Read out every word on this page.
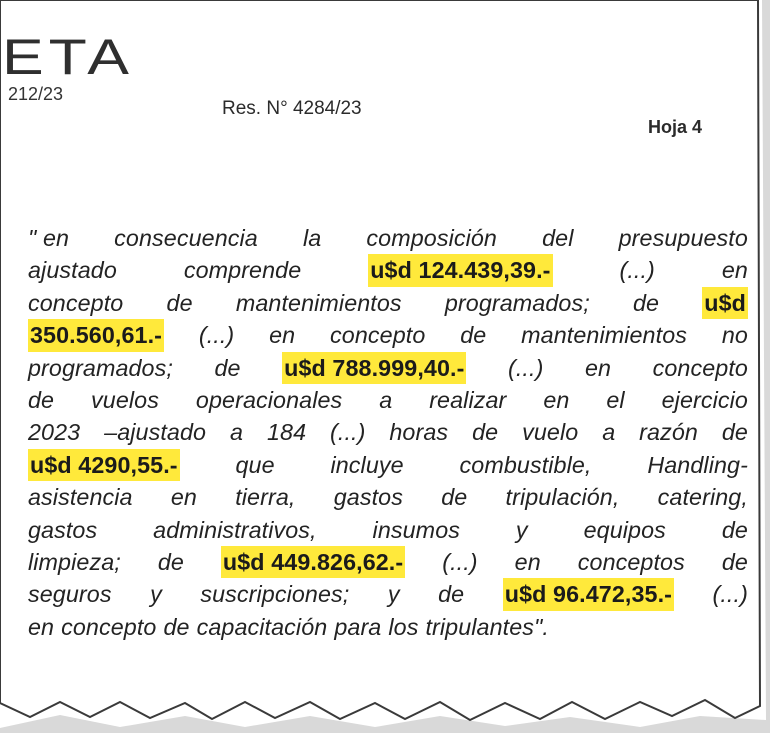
ETA
212/23
Res. N° 4284/23
Hoja 4
" en consecuencia la composición del presupuesto
ajustado	comprende	u$d 124.439,39.-	(...)	en
concepto de mantenimientos programados; de u$d
350.560,61.- (...) en concepto de mantenimientos no
programados; de u$d 788.999,40.- (...) en concepto
de vuelos operacionales a realizar en el ejercicio
2023 –ajustado a 184 (...) horas de vuelo a razón de
u$d 4290,55.- que incluye combustible, Handling-
asistencia en tierra, gastos de tripulación, catering,
gastos administrativos, insumos y equipos de
limpieza; de u$d 449.826,62.- (...) en conceptos de
seguros y suscripciones; y de u$d 96.472,35.- (...)
en concepto de capacitación para los tripulantes".
